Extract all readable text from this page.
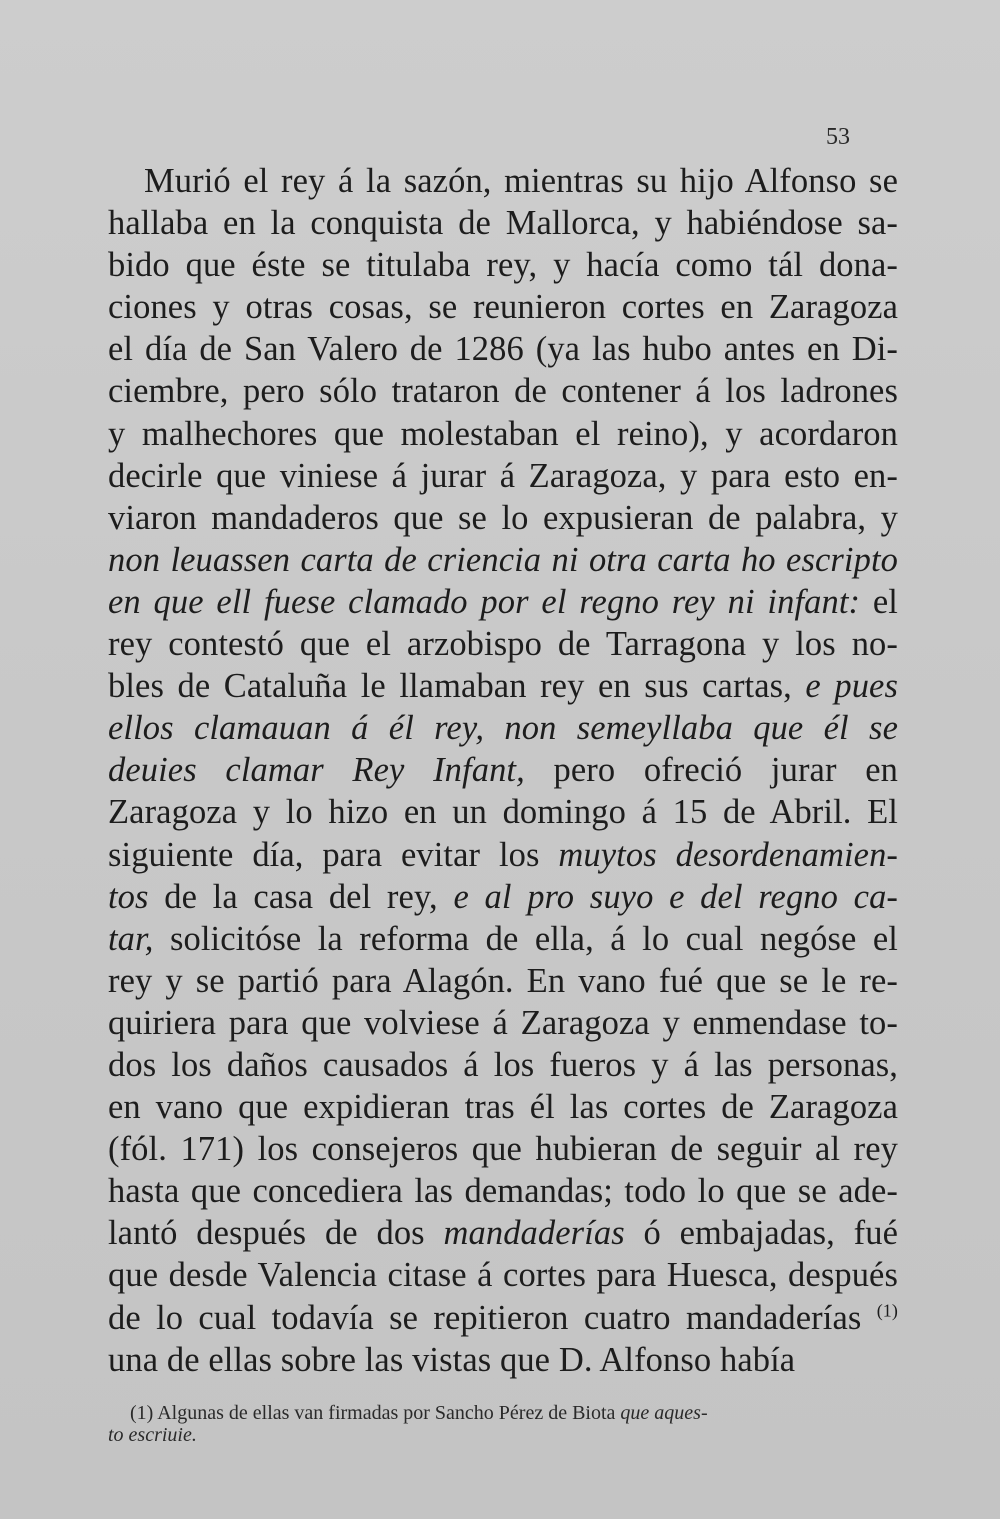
53
Murió el rey á la sazón, mientras su hijo Alfonso se
hallaba en la conquista de Mallorca, y habiéndose sa-
bido que éste se titulaba rey, y hacía como tál dona-
ciones y otras cosas, se reunieron cortes en Zaragoza
el día de San Valero de 1286 (ya las hubo antes en Di-
ciembre, pero sólo trataron de contener á los ladrones
y malhechores que molestaban el reino), y acordaron
decirle que viniese á jurar á Zaragoza, y para esto en-
viaron mandaderos que se lo expusieran de palabra, y
non leuassen carta de criencia ni otra carta ho escripto
en que ell fuese clamado por el regno rey ni infant: el
rey contestó que el arzobispo de Tarragona y los no-
bles de Cataluña le llamaban rey en sus cartas, e pues
ellos clamauan á él rey, non semeyllaba que él se
deuies clamar Rey Infant, pero ofreció jurar en
Zaragoza y lo hizo en un domingo á 15 de Abril. El
siguiente día, para evitar los muytos desordenamien-
tos de la casa del rey, e al pro suyo e del regno ca-
tar, solicitóse la reforma de ella, á lo cual negóse el
rey y se partió para Alagón. En vano fué que se le re-
quiriera para que volviese á Zaragoza y enmendase to-
dos los daños causados á los fueros y á las personas,
en vano que expidieran tras él las cortes de Zaragoza
(fól. 171) los consejeros que hubieran de seguir al rey
hasta que concediera las demandas; todo lo que se ade-
lantó después de dos mandaderías ó embajadas, fué
que desde Valencia citase á cortes para Huesca, después
de lo cual todavía se repitieron cuatro mandaderías $^{(1)}$
una de ellas sobre las vistas que D. Alfonso había
(1) Algunas de ellas van firmadas por Sancho Pérez de Biota que aques-
to escriuie.
